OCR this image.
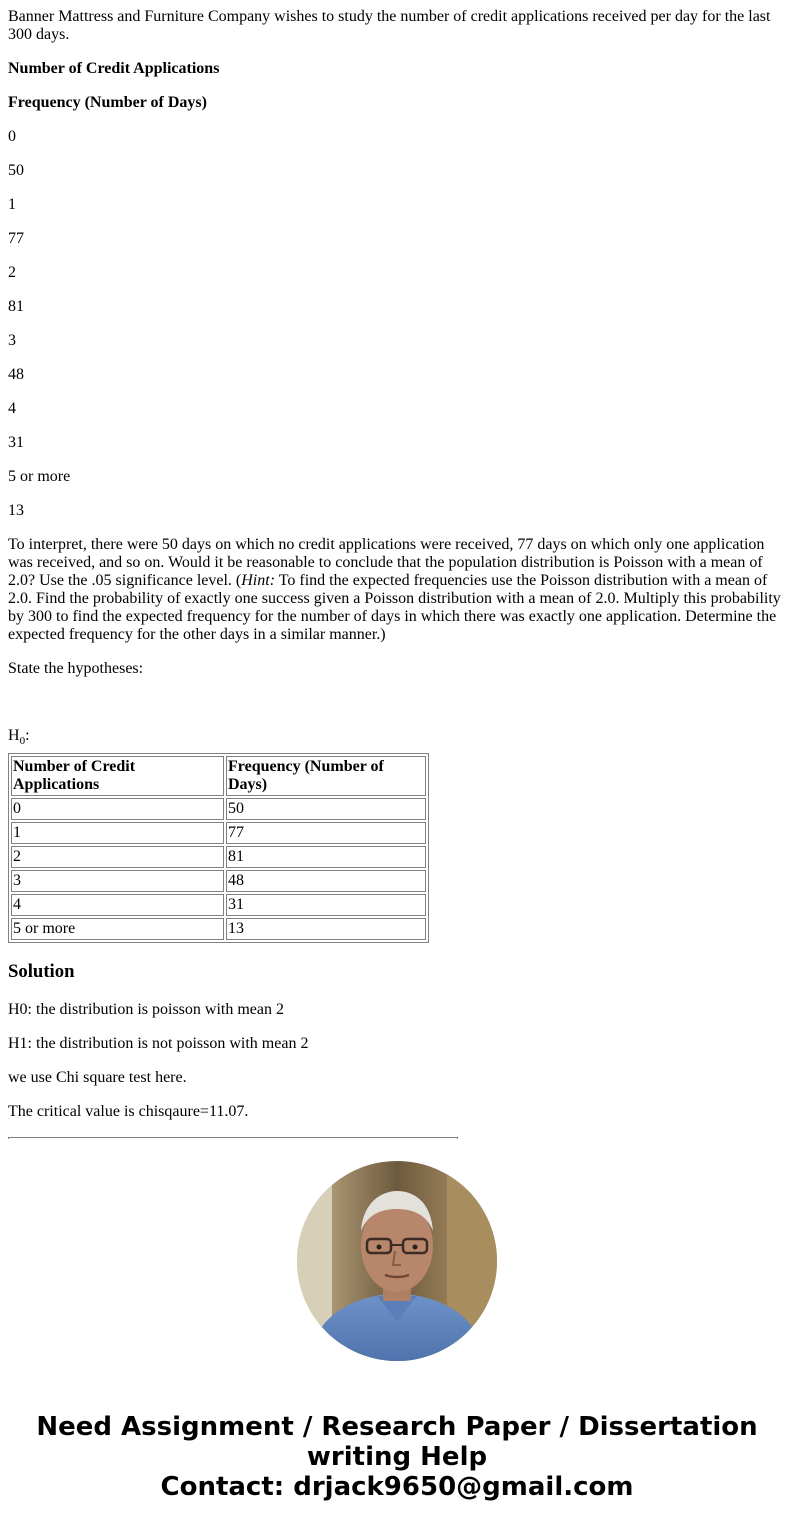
Banner Mattress and Furniture Company wishes to study the number of credit applications received per day for the last 300 days.

Number of Credit Applications

Frequency (Number of Days)

0

50

1

77

2

81

3

48

4

31

5 or more

13

To interpret, there were 50 days on which no credit applications were received, 77 days on which only one application was received, and so on. Would it be reasonable to conclude that the population distribution is Poisson with a mean of 2.0? Use the .05 significance level. (Hint: To find the expected frequencies use the Poisson distribution with a mean of 2.0. Find the probability of exactly one success given a Poisson distribution with a mean of 2.0. Multiply this probability by 300 to find the expected frequency for the number of days in which there was exactly one application. Determine the expected frequency for the other days in a similar manner.)

State the hypotheses:

$H_0$:

Number of Credit Applications	Frequency (Number of Days)
0	50
1	77
2	81
3	48
4	31
5 or more	13
Solution

H0: the distribution is poisson with mean 2

H1: the distribution is not poisson with mean 2

we use Chi square test here.

The critical value is chisqaure=11.07.

Need Assignment / Research Paper / Dissertation
writing Help
Contact: drjack9650@gmail.com
